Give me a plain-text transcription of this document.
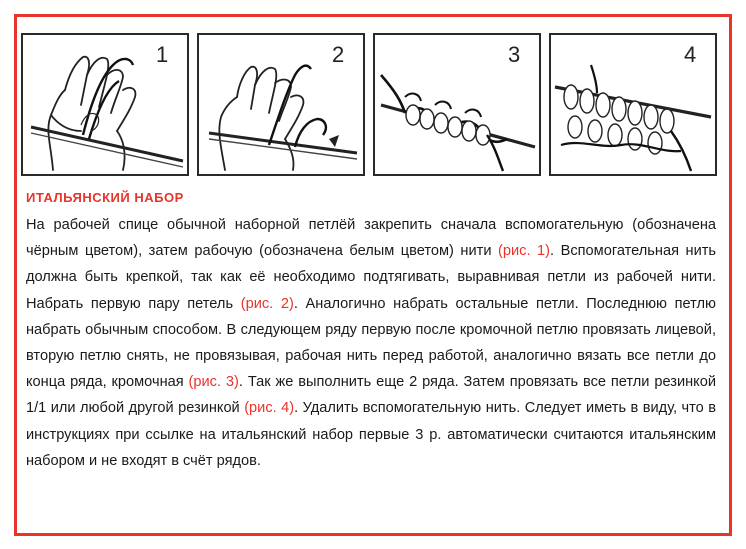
1	2	3	4
ИТАЛЬЯНСКИЙ НАБОР
На рабочей спице обычной наборной петлёй закрепить сначала вспомогательную (обозначена чёрным цветом), затем рабочую (обозначена белым цветом) нити (рис. 1). Вспомогательная нить должна быть крепкой, так как её необходимо подтягивать, выравнивая петли из рабочей нити. Набрать первую пару петель (рис. 2). Аналогично набрать остальные петли. Последнюю петлю набрать обычным способом. В следующем ряду первую после кромочной петлю провязать лицевой, вторую петлю снять, не провязывая, рабочая нить перед работой, аналогично вязать все петли до конца ряда, кромочная (рис. 3). Так же выполнить еще 2 ряда. Затем провязать все петли резинкой 1/1 или любой другой резинкой (рис. 4). Удалить вспомогательную нить. Следует иметь в виду, что в инструкциях при ссылке на итальянский набор первые 3 р. автоматически считаются итальянским набором и не входят в счёт рядов.
